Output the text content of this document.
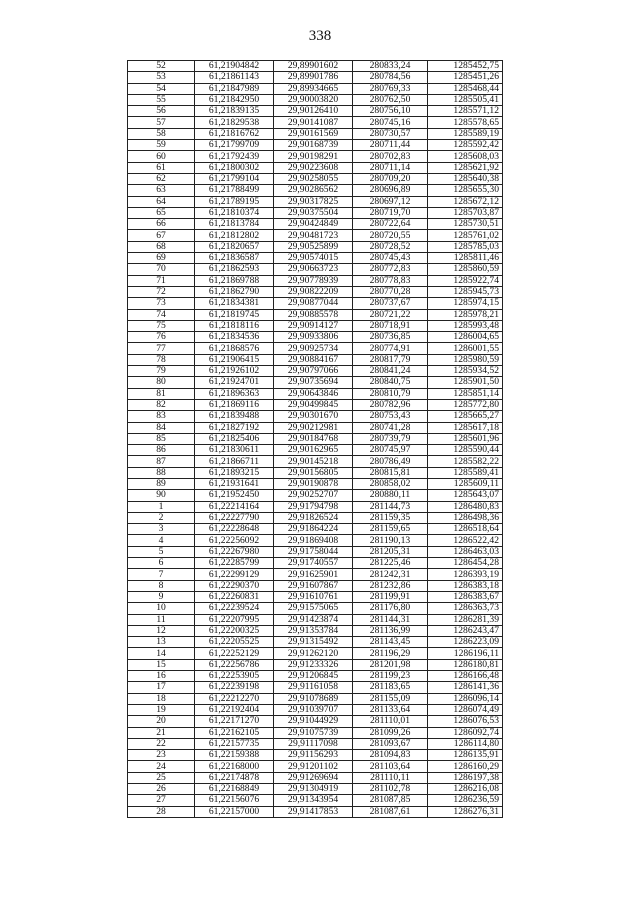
338
52	61,21904842	29,89901602	280833,24	1285452,75
53	61,21861143	29,89901786	280784,56	1285451,26
54	61,21847989	29,89934665	280769,33	1285468,44
55	61,21842950	29,90003820	280762,50	1285505,41
56	61,21839135	29,90126410	280756,10	1285571,12
57	61,21829538	29,90141087	280745,16	1285578,65
58	61,21816762	29,90161569	280730,57	1285589,19
59	61,21799709	29,90168739	280711,44	1285592,42
60	61,21792439	29,90198291	280702,83	1285608,03
61	61,21800302	29,90223608	280711,14	1285621,92
62	61,21799104	29,90258055	280709,20	1285640,38
63	61,21788499	29,90286562	280696,89	1285655,30
64	61,21789195	29,90317825	280697,12	1285672,12
65	61,21810374	29,90375504	280719,70	1285703,87
66	61,21813784	29,90424849	280722,64	1285730,51
67	61,21812802	29,90481723	280720,55	1285761,02
68	61,21820657	29,90525899	280728,52	1285785,03
69	61,21836587	29,90574015	280745,43	1285811,46
70	61,21862593	29,90663723	280772,83	1285860,59
71	61,21869788	29,90778939	280778,83	1285922,74
72	61,21862790	29,90822209	280770,28	1285945,73
73	61,21834381	29,90877044	280737,67	1285974,15
74	61,21819745	29,90885578	280721,22	1285978,21
75	61,21818116	29,90914127	280718,91	1285993,48
76	61,21834536	29,90933806	280736,85	1286004,65
77	61,21868576	29,90925734	280774,91	1286001,55
78	61,21906415	29,90884167	280817,79	1285980,59
79	61,21926102	29,90797066	280841,24	1285934,52
80	61,21924701	29,90735694	280840,75	1285901,50
81	61,21896363	29,90643846	280810,79	1285851,14
82	61,21869116	29,90499845	280782,96	1285772,80
83	61,21839488	29,90301670	280753,43	1285665,27
84	61,21827192	29,90212981	280741,28	1285617,18
85	61,21825406	29,90184768	280739,79	1285601,96
86	61,21830611	29,90162965	280745,97	1285590,44
87	61,21866711	29,90145218	280786,49	1285582,22
88	61,21893215	29,90156805	280815,81	1285589,41
89	61,21931641	29,90190878	280858,02	1285609,11
90	61,21952450	29,90252707	280880,11	1285643,07
1	61,22214164	29,91794798	281144,73	1286480,83
2	61,22227790	29,91826524	281159,35	1286498,36
3	61,22228648	29,91864224	281159,65	1286518,64
4	61,22256092	29,91869408	281190,13	1286522,42
5	61,22267980	29,91758044	281205,31	1286463,03
6	61,22285799	29,91740557	281225,46	1286454,28
7	61,22299129	29,91625901	281242,31	1286393,19
8	61,22290370	29,91607867	281232,86	1286383,18
9	61,22260831	29,91610761	281199,91	1286383,67
10	61,22239524	29,91575065	281176,80	1286363,73
11	61,22207995	29,91423874	281144,31	1286281,39
12	61,22200325	29,91353784	281136,99	1286243,47
13	61,22205525	29,91315492	281143,45	1286223,09
14	61,22252129	29,91262120	281196,29	1286196,11
15	61,22256786	29,91233326	281201,98	1286180,81
16	61,22253905	29,91206845	281199,23	1286166,48
17	61,22239198	29,91161058	281183,65	1286141,36
18	61,22212270	29,91078689	281155,09	1286096,14
19	61,22192404	29,91039707	281133,64	1286074,49
20	61,22171270	29,91044929	281110,01	1286076,53
21	61,22162105	29,91075739	281099,26	1286092,74
22	61,22157735	29,91117098	281093,67	1286114,80
23	61,22159388	29,91156293	281094,83	1286135,91
24	61,22168000	29,91201102	281103,64	1286160,29
25	61,22174878	29,91269694	281110,11	1286197,38
26	61,22168849	29,91304919	281102,78	1286216,08
27	61,22156076	29,91343954	281087,85	1286236,59
28	61,22157000	29,91417853	281087,61	1286276,31
